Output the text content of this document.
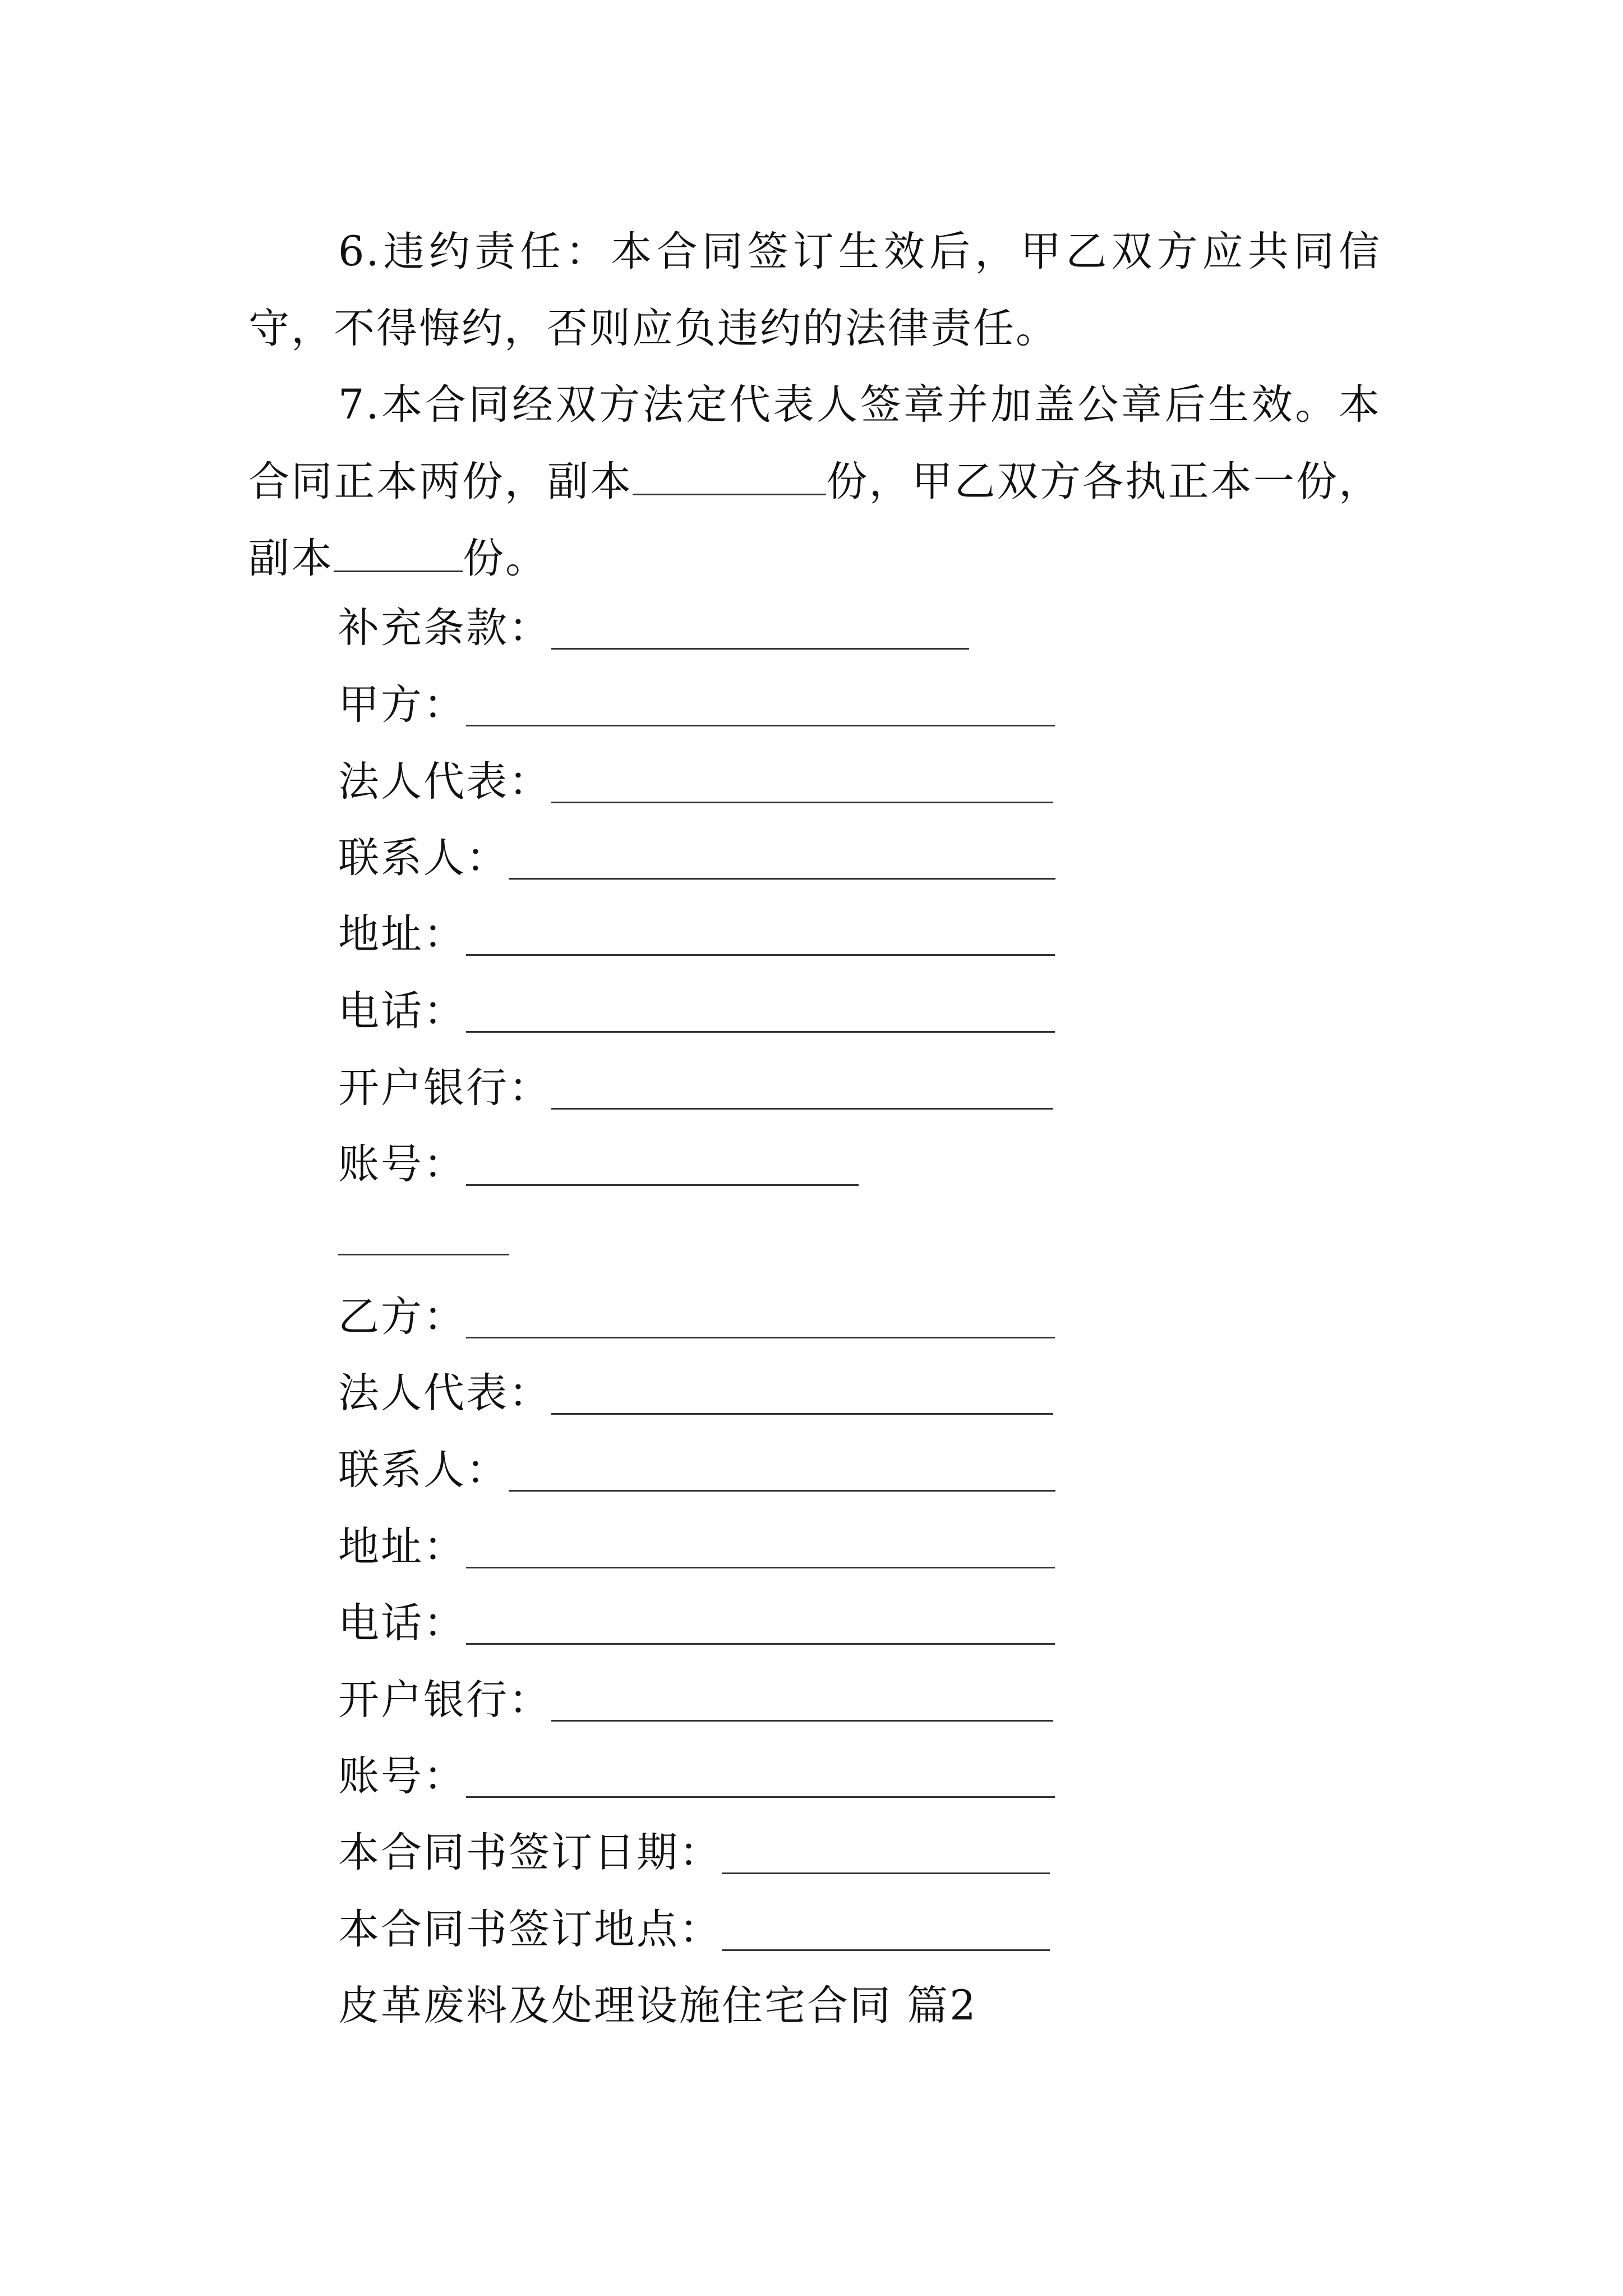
6.违约责任：本合同签订生效后，甲乙双方应共同信守，不得悔约，否则应负违约的法律责任。

7.本合同经双方法定代表人签章并加盖公章后生效。本合同正本两份，副本	份，甲乙双方各执正本一份，副本	份。

补充条款：
甲方：
法人代表：
联系人：
地址：
电话：
开户银行：
账号：
乙方：
法人代表：
联系人：
地址：
电话：
开户银行：
账号：
本合同书签订日期：
本合同书签订地点：
皮革废料及处理设施住宅合同 篇2
